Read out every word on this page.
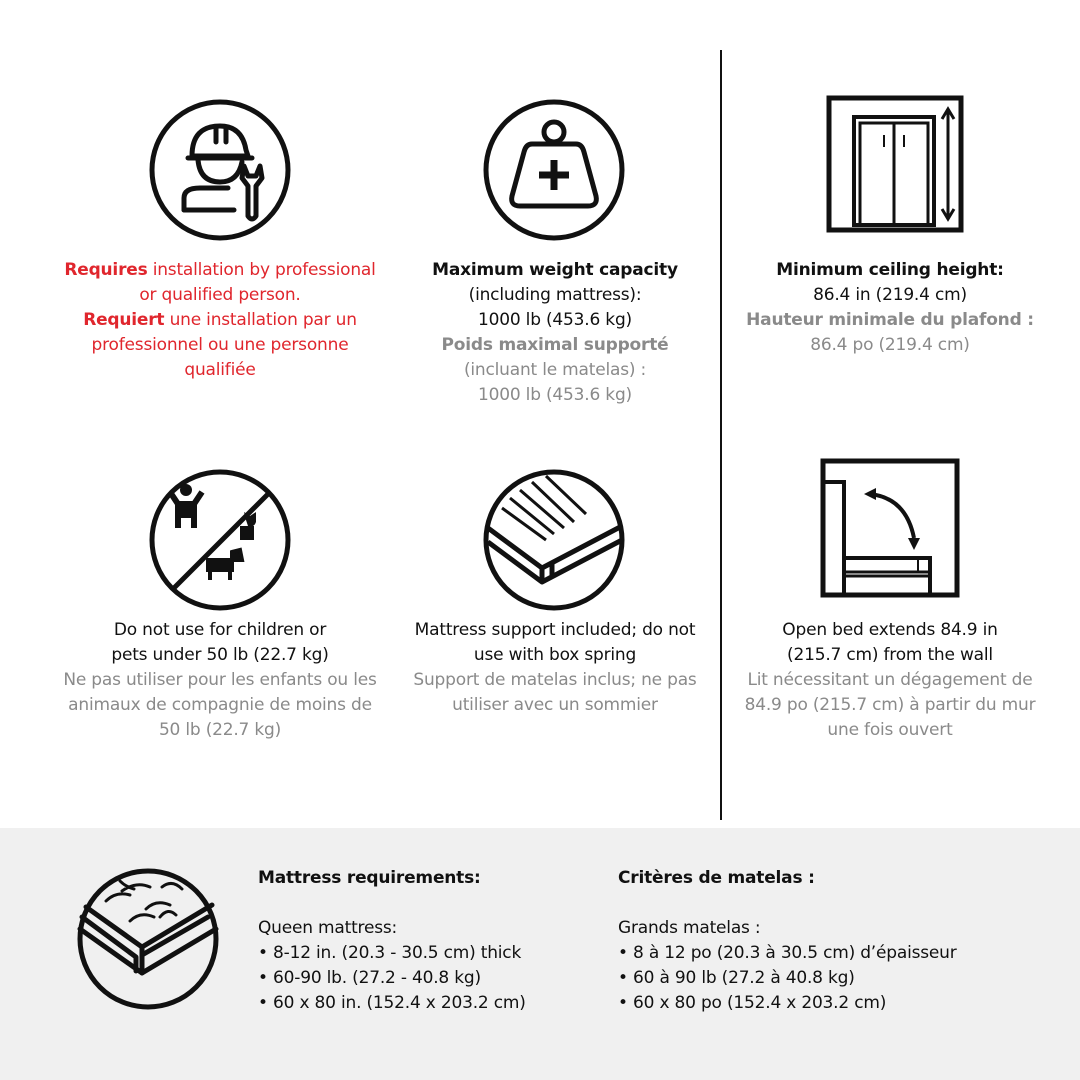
Requires installation by professional or qualified person.
Requiert une installation par un professionnel ou une personne qualifiée
Maximum weight capacity
(including mattress):
1000 lb (453.6 kg)
Poids maximal supporté
(incluant le matelas) :
1000 lb (453.6 kg)
Minimum ceiling height:
86.4 in (219.4 cm)
Hauteur minimale du plafond :
86.4 po (219.4 cm)
Do not use for children or pets under 50 lb (22.7 kg)
Ne pas utiliser pour les enfants ou les animaux de compagnie de moins de 50 lb (22.7 kg)
Mattress support included; do not use with box spring
Support de matelas inclus; ne pas utiliser avec un sommier
Open bed extends 84.9 in (215.7 cm) from the wall
Lit nécessitant un dégagement de 84.9 po (215.7 cm) à partir du mur une fois ouvert
Mattress requirements:
Queen mattress:
• 8-12 in. (20.3 - 30.5 cm) thick
• 60-90 lb. (27.2 - 40.8 kg)
• 60 x 80 in. (152.4 x 203.2 cm)
Critères de matelas :
Grands matelas :
• 8 à 12 po (20.3 à 30.5 cm) d’épaisseur
• 60 à 90 lb (27.2 à 40.8 kg)
• 60 x 80 po (152.4 x 203.2 cm)
